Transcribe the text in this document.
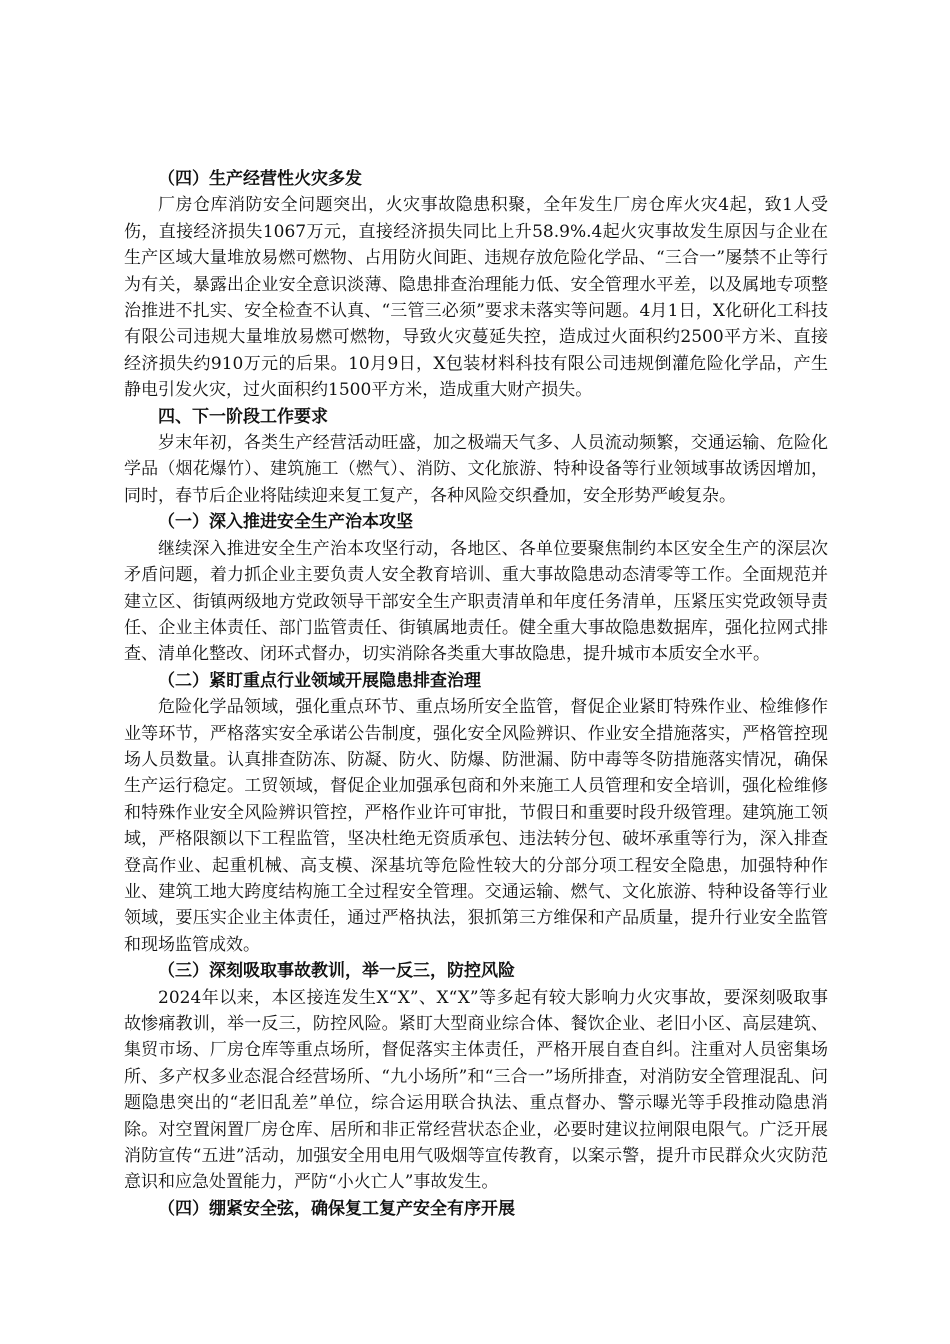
（四）生产经营性火灾多发

厂房仓库消防安全问题突出，火灾事故隐患积聚，全年发生厂房仓库火灾4起，致1人受伤，直接经济损失1067万元，直接经济损失同比上升58.9%.4起火灾事故发生原因与企业在生产区域大量堆放易燃可燃物、占用防火间距、违规存放危险化学品、“三合一”屡禁不止等行为有关，暴露出企业安全意识淡薄、隐患排查治理能力低、安全管理水平差，以及属地专项整治推进不扎实、安全检查不认真、“三管三必须”要求未落实等问题。4月1日，X化研化工科技有限公司违规大量堆放易燃可燃物，导致火灾蔓延失控，造成过火面积约2500平方米、直接经济损失约910万元的后果。10月9日，X包装材料科技有限公司违规倒灌危险化学品，产生静电引发火灾，过火面积约1500平方米，造成重大财产损失。

四、下一阶段工作要求

岁末年初，各类生产经营活动旺盛，加之极端天气多、人员流动频繁，交通运输、危险化学品（烟花爆竹）、建筑施工（燃气）、消防、文化旅游、特种设备等行业领域事故诱因增加，同时，春节后企业将陆续迎来复工复产，各种风险交织叠加，安全形势严峻复杂。

（一）深入推进安全生产治本攻坚

继续深入推进安全生产治本攻坚行动，各地区、各单位要聚焦制约本区安全生产的深层次矛盾问题，着力抓企业主要负责人安全教育培训、重大事故隐患动态清零等工作。全面规范并建立区、街镇两级地方党政领导干部安全生产职责清单和年度任务清单，压紧压实党政领导责任、企业主体责任、部门监管责任、街镇属地责任。健全重大事故隐患数据库，强化拉网式排查、清单化整改、闭环式督办，切实消除各类重大事故隐患，提升城市本质安全水平。

（二）紧盯重点行业领域开展隐患排查治理

危险化学品领域，强化重点环节、重点场所安全监管，督促企业紧盯特殊作业、检维修作业等环节，严格落实安全承诺公告制度，强化安全风险辨识、作业安全措施落实，严格管控现场人员数量。认真排查防冻、防凝、防火、防爆、防泄漏、防中毒等冬防措施落实情况，确保生产运行稳定。工贸领域，督促企业加强承包商和外来施工人员管理和安全培训，强化检维修和特殊作业安全风险辨识管控，严格作业许可审批，节假日和重要时段升级管理。建筑施工领域，严格限额以下工程监管，坚决杜绝无资质承包、违法转分包、破坏承重等行为，深入排查登高作业、起重机械、高支模、深基坑等危险性较大的分部分项工程安全隐患，加强特种作业、建筑工地大跨度结构施工全过程安全管理。交通运输、燃气、文化旅游、特种设备等行业领域，要压实企业主体责任，通过严格执法，狠抓第三方维保和产品质量，提升行业安全监管和现场监管成效。

（三）深刻吸取事故教训，举一反三，防控风险

2024年以来，本区接连发生X“X”、X“X”等多起有较大影响力火灾事故，要深刻吸取事故惨痛教训，举一反三，防控风险。紧盯大型商业综合体、餐饮企业、老旧小区、高层建筑、集贸市场、厂房仓库等重点场所，督促落实主体责任，严格开展自查自纠。注重对人员密集场所、多产权多业态混合经营场所、“九小场所”和“三合一”场所排查，对消防安全管理混乱、问题隐患突出的“老旧乱差”单位，综合运用联合执法、重点督办、警示曝光等手段推动隐患消除。对空置闲置厂房仓库、居所和非正常经营状态企业，必要时建议拉闸限电限气。广泛开展消防宣传“五进”活动，加强安全用电用气吸烟等宣传教育，以案示警，提升市民群众火灾防范意识和应急处置能力，严防“小火亡人”事故发生。

（四）绷紧安全弦，确保复工复产安全有序开展
